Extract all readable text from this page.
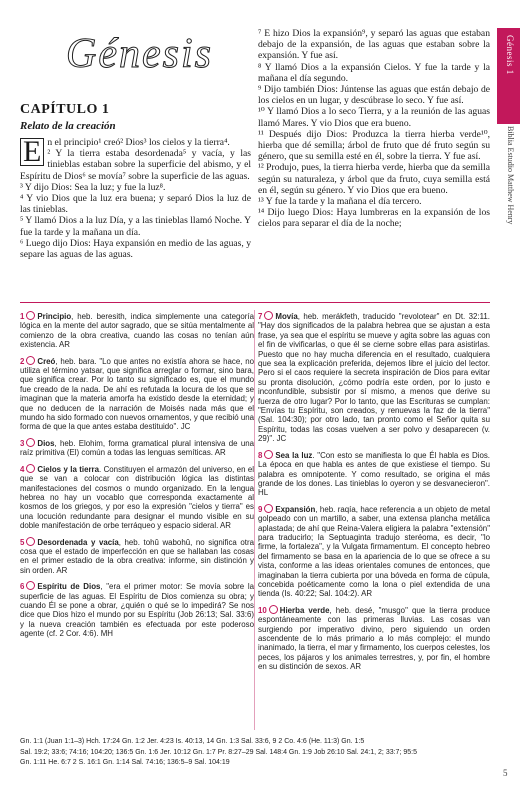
Génesis 1
Biblia Estudio Matthew Henry
Génesis
CAPÍTULO 1
Relato de la creación
E n el principio¹ creó² Dios³ los cielos y la tierra⁴.
² Y la tierra estaba desordenada⁵ y vacía, y las tinieblas estaban sobre la superficie del abismo, y el Espíritu de Dios⁶ se movía⁷ sobre la superficie de las aguas.
³ Y dijo Dios: Sea la luz; y fue la luz⁸.
⁴ Y vio Dios que la luz era buena; y separó Dios la luz de las tinieblas.
⁵ Y llamó Dios a la luz Día, y a las tinieblas llamó Noche. Y fue la tarde y la mañana un día.
⁶ Luego dijo Dios: Haya expansión en medio de las aguas, y separe las aguas de las aguas.
⁷ E hizo Dios la expansión⁹, y separó las aguas que estaban debajo de la expansión, de las aguas que estaban sobre la expansión. Y fue así.
⁸ Y llamó Dios a la expansión Cielos. Y fue la tarde y la mañana el día segundo.
⁹ Dijo también Dios: Júntense las aguas que están debajo de los cielos en un lugar, y descúbrase lo seco. Y fue así.
¹⁰ Y llamó Dios a lo seco Tierra, y a la reunión de las aguas llamó Mares. Y vio Dios que era bueno.
¹¹ Después dijo Dios: Produzca la tierra hierba verde¹⁰, hierba que dé semilla; árbol de fruto que dé fruto según su género, que su semilla esté en él, sobre la tierra. Y fue así.
¹² Produjo, pues, la tierra hierba verde, hierba que da semilla según su naturaleza, y árbol que da fruto, cuya semilla está en él, según su género. Y vio Dios que era bueno.
¹³ Y fue la tarde y la mañana el día tercero.
¹⁴ Dijo luego Dios: Haya lumbreras en la expansión de los cielos para separar el día de la noche;
1 Principio, heb. beresith, indica simplemente una categoría lógica en la mente del autor sagrado, que se sitúa mentalmente al comienzo de la obra creativa, cuando las cosas no tenían aún existencia. AR
2 Creó, heb. bara. "Lo que antes no existía ahora se hace, no utiliza el término yatsar, que significa arreglar o formar, sino bara, que significa crear. Por lo tanto su significado es, que el mundo fue creado de la nada. De ahí es refutada la locura de los que se imaginan que la materia amorfa ha existido desde la eternidad; y que no deducen de la narración de Moisés nada más que el mundo ha sido formado con nuevos ornamentos, y que recibió una forma de que la que antes estaba destituido". JC
3 Dios, heb. Elohim, forma gramatical plural intensiva de una raíz primitiva (El) común a todas las lenguas semíticas. AR
4 Cielos y la tierra. Constituyen el armazón del universo, en el que se van a colocar con distribución lógica las distintas manifestaciones del cosmos o mundo organizado. En la lengua hebrea no hay un vocablo que corresponda exactamente al kosmos de los griegos, y por eso la expresión "cielos y tierra" es una locución redundante para designar el mundo visible en su doble manifestación de orbe terráqueo y espacio sideral. AR
5 Desordenada y vacía, heb. tohû wabohû, no significa otra cosa que el estado de imperfección en que se hallaban las cosas en el primer estadio de la obra creativa: informe, sin distinción y sin orden. AR
6 Espíritu de Dios, "era el primer motor: Se movía sobre la superficie de las aguas. El Espíritu de Dios comienza su obra; y cuando Él se pone a obrar, ¿quién o qué se lo impedirá? Se nos dice que Dios hizo el mundo por su Espíritu (Job 26:13; Sal. 33:6) y la nueva creación también es efectuada por este poderoso agente (cf. 2 Cor. 4:6). MH
7 Movía, heb. merákfeth, traducido "revolotear" en Dt. 32:11. "Hay dos significados de la palabra hebrea que se ajustan a esta frase, ya sea que el espíritu se mueve y agita sobre las aguas con el fin de vivificarlas, o que él se cierne sobre ellas para asistirlas. Puesto que no hay mucha diferencia en el resultado, cualquiera que sea la explicación preferida, dejemos libre el juicio del lector. Pero si el caos requiere la secreta inspiración de Dios para evitar su pronta disolución, ¿cómo podría este orden, por lo justo e inconfundible, subsistir por sí mismo, a menos que derive su fuerza de otro lugar? Por lo tanto, que las Escrituras se cumplan: "Envías tu Espíritu, son creados, y renuevas la faz de la tierra" (Sal. 104:30); por otro lado, tan pronto como el Señor quita su Espíritu, todas las cosas vuelven a ser polvo y desaparecen (v. 29)". JC
8 Sea la luz. "Con esto se manifiesta lo que Él habla es Dios. La época en que habla es antes de que existiese el tiempo. Su palabra es omnipotente. Y como resultado, se origina el más grande de los dones. Las tinieblas lo oyeron y se desvanecieron". HL
9 Expansión, heb. raqía, hace referencia a un objeto de metal golpeado con un martillo, a saber, una extensa plancha metálica aplastada; de ahí que Reina-Valera eligiera la palabra "extensión" para traducirlo; la Septuaginta tradujo steréoma, es decir, "lo firme, la fortaleza", y la Vulgata firmamentum. El concepto hebreo del firmamento se basa en la apariencia de lo que se ofrece a su vista, conforme a las ideas orientales comunes de entonces, que imaginaban la tierra cubierta por una bóveda en forma de cúpula, concebida poéticamente como la lona o piel extendida de una tienda (Is. 40:22; Sal. 104:2). AR
10 Hierba verde, heb. desé, "musgo" que la tierra produce espontáneamente con las primeras lluvias. Las cosas van surgiendo por imperativo divino, pero siguiendo un orden ascendente de lo más primario a lo más complejo: el mundo inanimado, la tierra, el mar y firmamento, los cuerpos celestes, los peces, los pájaros y los animales terrestres, y, por fin, el hombre en su distinción de sexos. AR
Gn. 1:1 (Juan 1:1–3) Hch. 17:24 Gn. 1:2 Jer. 4:23 Is. 40:13, 14 Gn. 1:3 Sal. 33:6, 9 2 Co. 4:6 (He. 11:3) Gn. 1:5
Sal. 19:2; 33:6; 74:16; 104:20; 136:5 Gn. 1:6 Jer. 10:12 Gn. 1:7 Pr. 8:27–29 Sal. 148:4 Gn. 1:9 Job 26:10 Sal. 24:1, 2; 33:7; 95:5
Gn. 1:11 He. 6:7 2 S. 16:1 Gn. 1:14 Sal. 74:16; 136:5–9 Sal. 104:19
5
